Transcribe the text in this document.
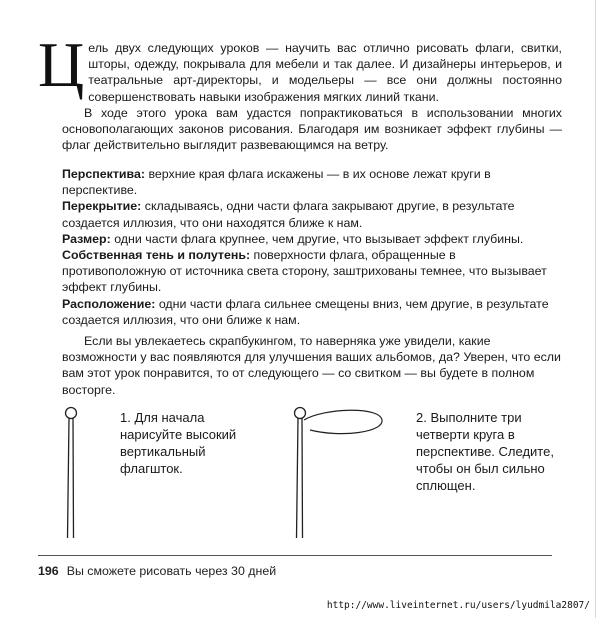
Цель двух следующих уроков — научить вас отлично рисовать флаги, свитки, шторы, одежду, покрывала для мебели и так далее. И дизайнеры интерьеров, и театральные арт-директоры, и модельеры — все они должны постоянно совершенствовать навыки изображения мягких линий ткани.

В ходе этого урока вам удастся попрактиковаться в использовании многих основополагающих законов рисования. Благодаря им возникает эффект глубины — флаг действительно выглядит развевающимся на ветру.

Перспектива: верхние края флага искажены — в их основе лежат круги в перспективе.

Перекрытие: складываясь, одни части флага закрывают другие, в результате создается иллюзия, что они находятся ближе к нам.

Размер: одни части флага крупнее, чем другие, что вызывает эффект глубины.

Собственная тень и полутень: поверхности флага, обращенные в противоположную от источника света сторону, заштрихованы темнее, что вызывает эффект глубины.

Расположение: одни части флага сильнее смещены вниз, чем другие, в результате создается иллюзия, что они ближе к нам.

Если вы увлекаетесь скрапбукингом, то наверняка уже увидели, какие возможности у вас появляются для улучшения ваших альбомов, да? Уверен, что если вам этот урок понравится, то от следующего — со свитком — вы будете в полном восторге.

1. Для начала нарисуйте высокий вертикальный флагшток.
2. Выполните три четверти круга в перспективе. Следите, чтобы он был сильно сплющен.
196 Вы сможете рисовать через 30 дней
http://www.liveinternet.ru/users/lyudmila2807/
